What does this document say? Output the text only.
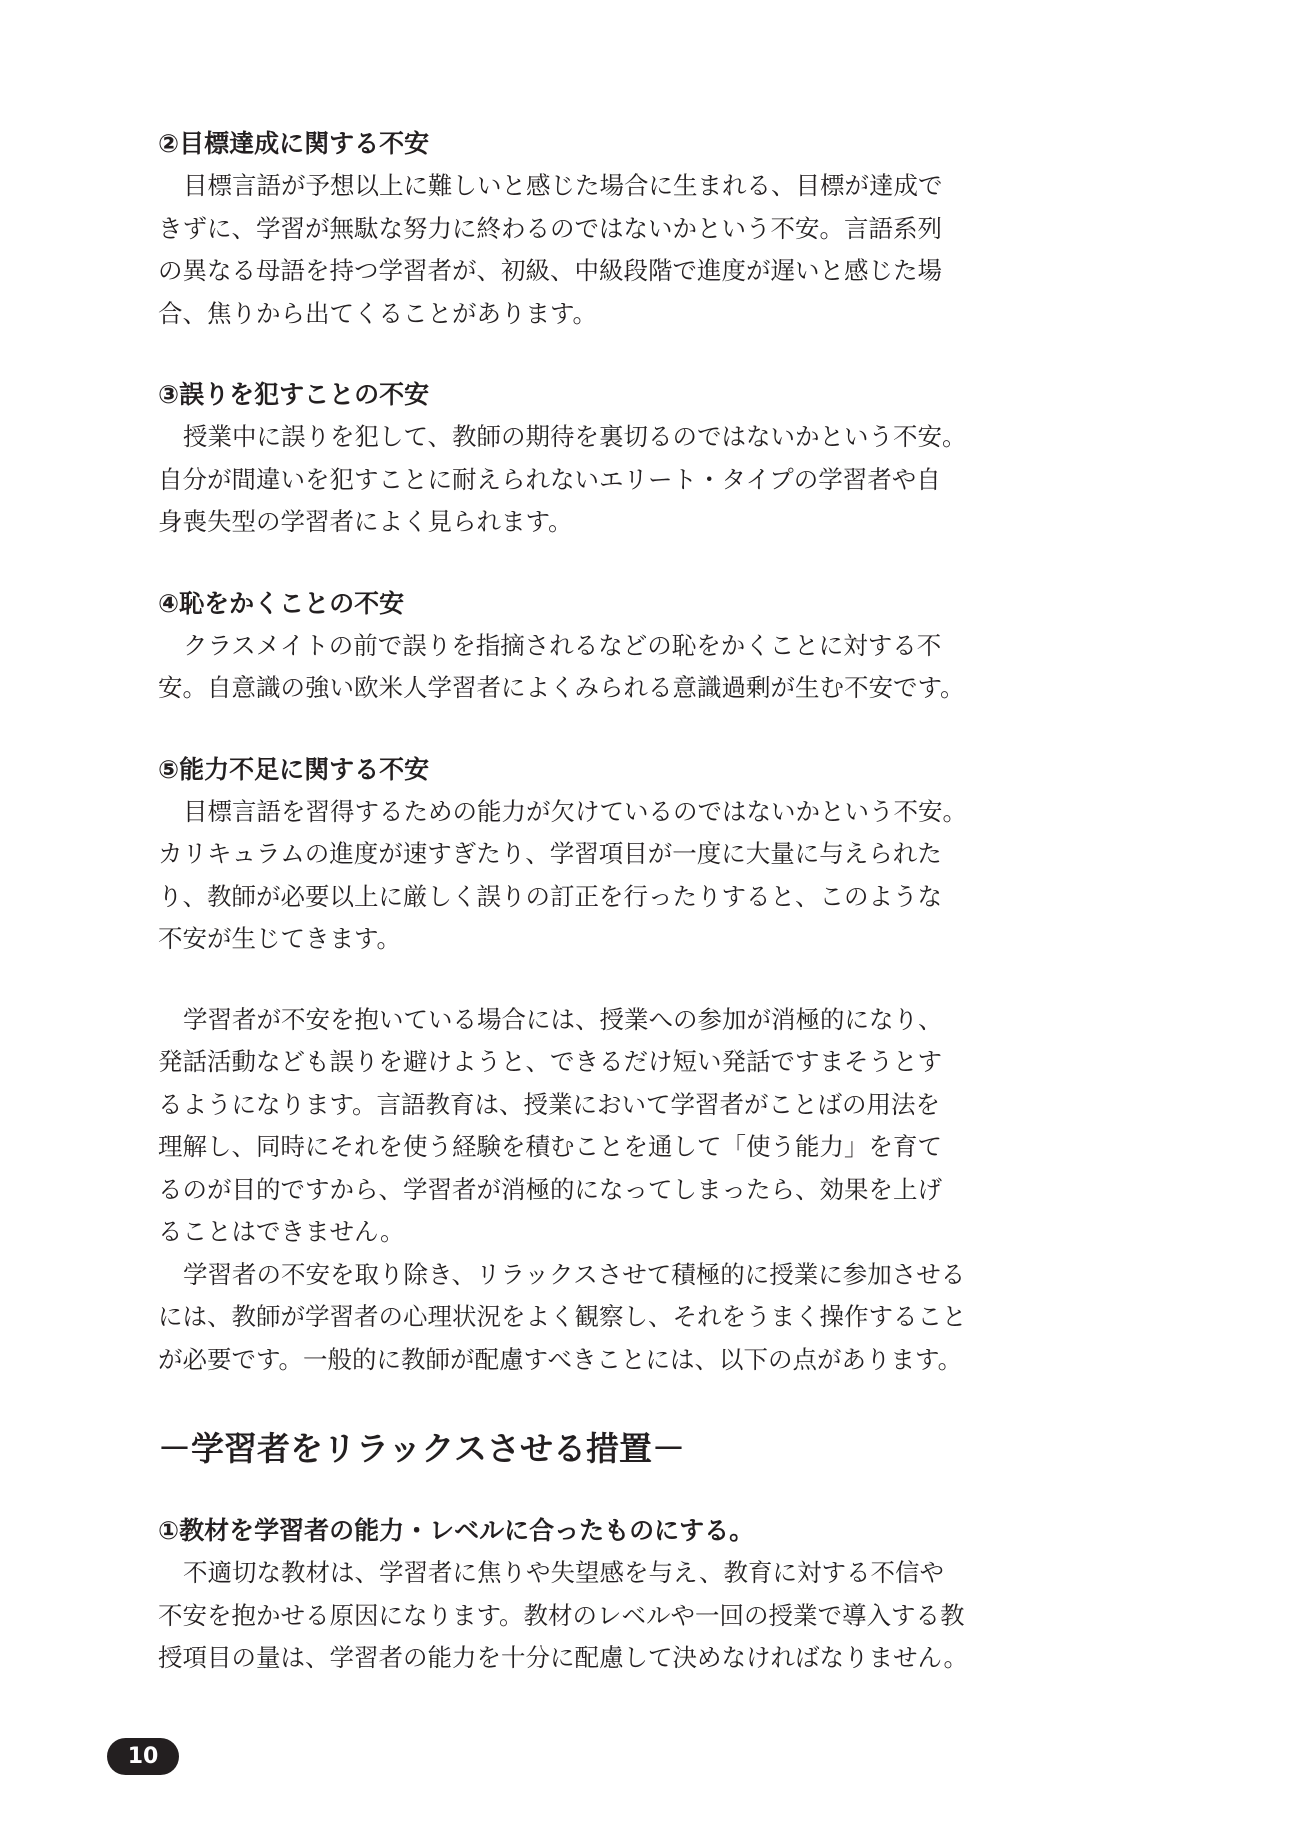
②目標達成に関する不安

目標言語が予想以上に難しいと感じた場合に生まれる、目標が達成で
きずに、学習が無駄な努力に終わるのではないかという不安。言語系列
の異なる母語を持つ学習者が、初級、中級段階で進度が遅いと感じた場
合、焦りから出てくることがあります。

③誤りを犯すことの不安

授業中に誤りを犯して、教師の期待を裏切るのではないかという不安。
自分が間違いを犯すことに耐えられないエリート・タイプの学習者や自
身喪失型の学習者によく見られます。

④恥をかくことの不安

クラスメイトの前で誤りを指摘されるなどの恥をかくことに対する不
安。自意識の強い欧米人学習者によくみられる意識過剰が生む不安です。

⑤能力不足に関する不安

目標言語を習得するための能力が欠けているのではないかという不安。
カリキュラムの進度が速すぎたり、学習項目が一度に大量に与えられた
り、教師が必要以上に厳しく誤りの訂正を行ったりすると、このような
不安が生じてきます。

学習者が不安を抱いている場合には、授業への参加が消極的になり、
発話活動なども誤りを避けようと、できるだけ短い発話ですまそうとす
るようになります。言語教育は、授業において学習者がことばの用法を
理解し、同時にそれを使う経験を積むことを通して「使う能力」を育て
るのが目的ですから、学習者が消極的になってしまったら、効果を上げ
ることはできません。

学習者の不安を取り除き、リラックスさせて積極的に授業に参加させる
には、教師が学習者の心理状況をよく観察し、それをうまく操作すること
が必要です。一般的に教師が配慮すべきことには、以下の点があります。

－学習者をリラックスさせる措置－

①教材を学習者の能力・レベルに合ったものにする。

不適切な教材は、学習者に焦りや失望感を与え、教育に対する不信や
不安を抱かせる原因になります。教材のレベルや一回の授業で導入する教
授項目の量は、学習者の能力を十分に配慮して決めなければなりません。

10
